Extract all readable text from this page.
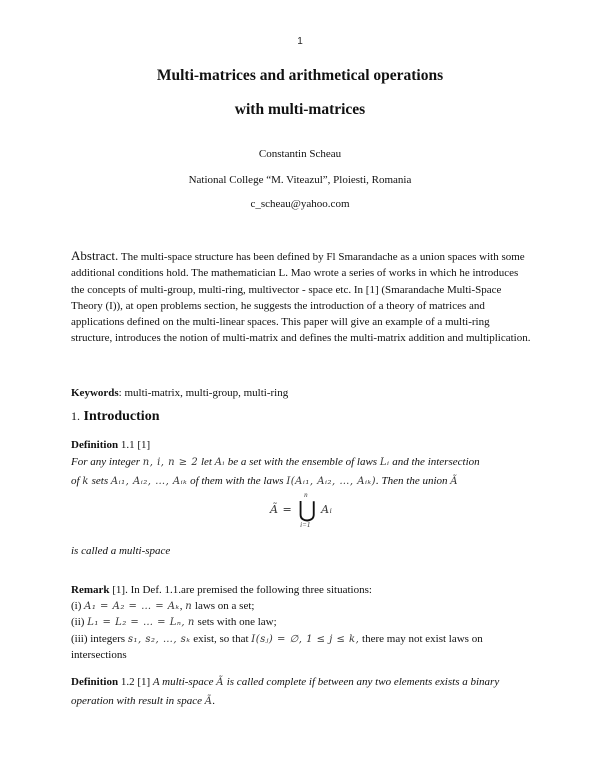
1
Multi-matrices and arithmetical operations
with multi-matrices
Constantin Scheau
National College “M. Viteazul”, Ploiesti, Romania
c_scheau@yahoo.com
Abstract. The multi-space structure has been defined by Fl Smarandache as a union spaces with some additional conditions hold. The mathematician L. Mao wrote a series of works in which he introduces the concepts of multi-group, multi-ring, multivector - space etc. In [1] (Smarandache Multi-Space Theory (I)), at open problems section, he suggests the introduction of a theory of matrices and applications defined on the multi-linear spaces. This paper will give an example of a multi-ring structure, introduces the notion of multi-matrix and defines the multi-matrix addition and multiplication.
Keywords: multi-matrix, multi-group, multi-ring
1. Introduction
Definition 1.1 [1]
For any integer n, i, n ≥ 2 let Aᵢ be a set with the ensemble of laws Lᵢ and the intersection
of k sets Aᵢ₁, Aᵢ₂, …, Aᵢₖ of them with the laws I(Aᵢ₁, Aᵢ₂, …, Aᵢₖ). Then the union Ã
Ã =
n
⋃
i=1
Aᵢ
is called a multi-space
Remark [1]. In Def. 1.1.are premised the following three situations:
(i) A₁ = A₂ = … = Aₖ, n laws on a set;
(ii) L₁ = L₂ = … = Lₙ, n sets with one law;
(iii) integers s₁, s₂, …, sₖ exist, so that I(sⱼ) = ∅, 1 ≤ j ≤ k, there may not exist laws on
intersections
Definition 1.2 [1] A multi-space Ã is called complete if between any two elements exists a binary operation with result in space Ã.
